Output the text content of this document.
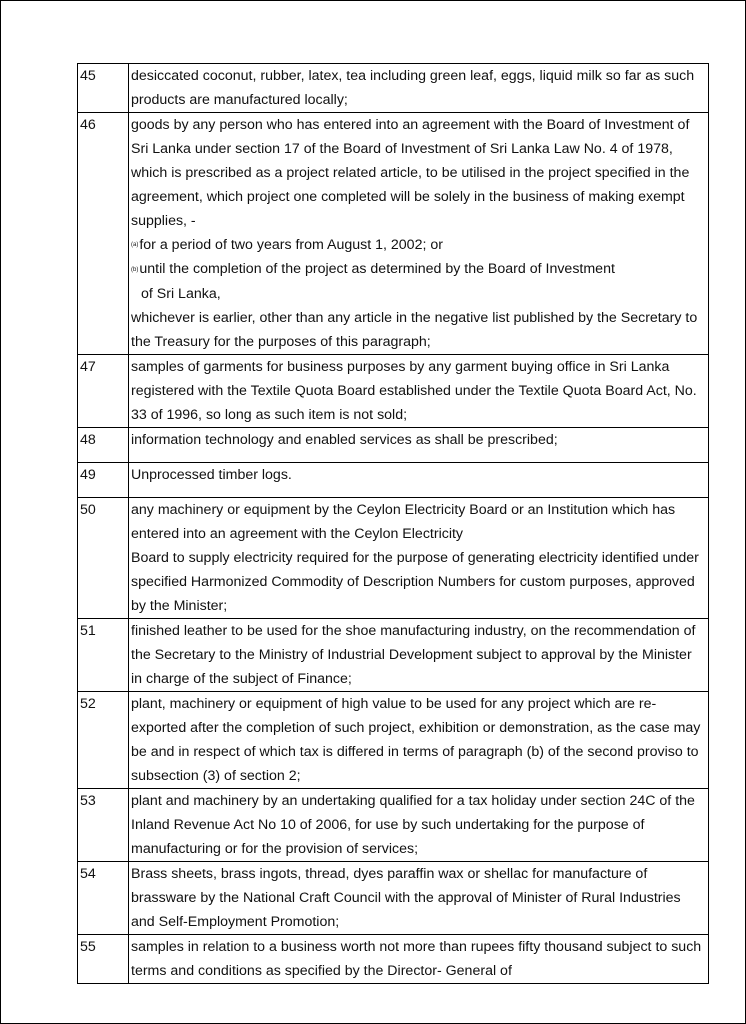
45	desiccated coconut, rubber, latex, tea including green leaf, eggs, liquid milk so far as such products are manufactured locally;
46	goods by any person who has entered into an agreement with the Board of Investment of Sri Lanka under section 17 of the Board of Investment of Sri Lanka Law No. 4 of 1978, which is prescribed as a project related article, to be utilised in the project specified in the agreement, which project one completed will be solely in the business of making exempt supplies, -
(a)for a period of two years from August 1, 2002; or
(b)until the completion of the project as determined by the Board of Investment
of Sri Lanka,
whichever is earlier, other than any article in the negative list published by the Secretary to the Treasury for the purposes of this paragraph;

47	samples of garments for business purposes by any garment buying office in Sri Lanka registered with the Textile Quota Board established under the Textile Quota Board Act, No. 33 of 1996, so long as such item is not sold;
48	information technology and enabled services as shall be prescribed;
49	Unprocessed timber logs.
50	any machinery or equipment by the Ceylon Electricity Board or an Institution which has entered into an agreement with the Ceylon Electricity
Board to supply electricity required for the purpose of generating electricity identified under specified Harmonized Commodity of Description Numbers for custom purposes, approved by the Minister;

51	finished leather to be used for the shoe manufacturing industry, on the recommendation of the Secretary to the Ministry of Industrial Development subject to approval by the Minister in charge of the subject of Finance;
52	plant, machinery or equipment of high value to be used for any project which are re-exported after the completion of such project, exhibition or demonstration, as the case may be and in respect of which tax is differed in terms of paragraph (b) of the second proviso to subsection (3) of section 2;
53	plant and machinery by an undertaking qualified for a tax holiday under section 24C of the Inland Revenue Act No 10 of 2006, for use by such undertaking for the purpose of manufacturing or for the provision of services;
54	Brass sheets, brass ingots, thread, dyes paraffin wax or shellac for manufacture of brassware by the National Craft Council with the approval of Minister of Rural Industries and Self-Employment Promotion;
55	samples in relation to a business worth not more than rupees fifty thousand subject to such terms and conditions as specified by the Director- General of
